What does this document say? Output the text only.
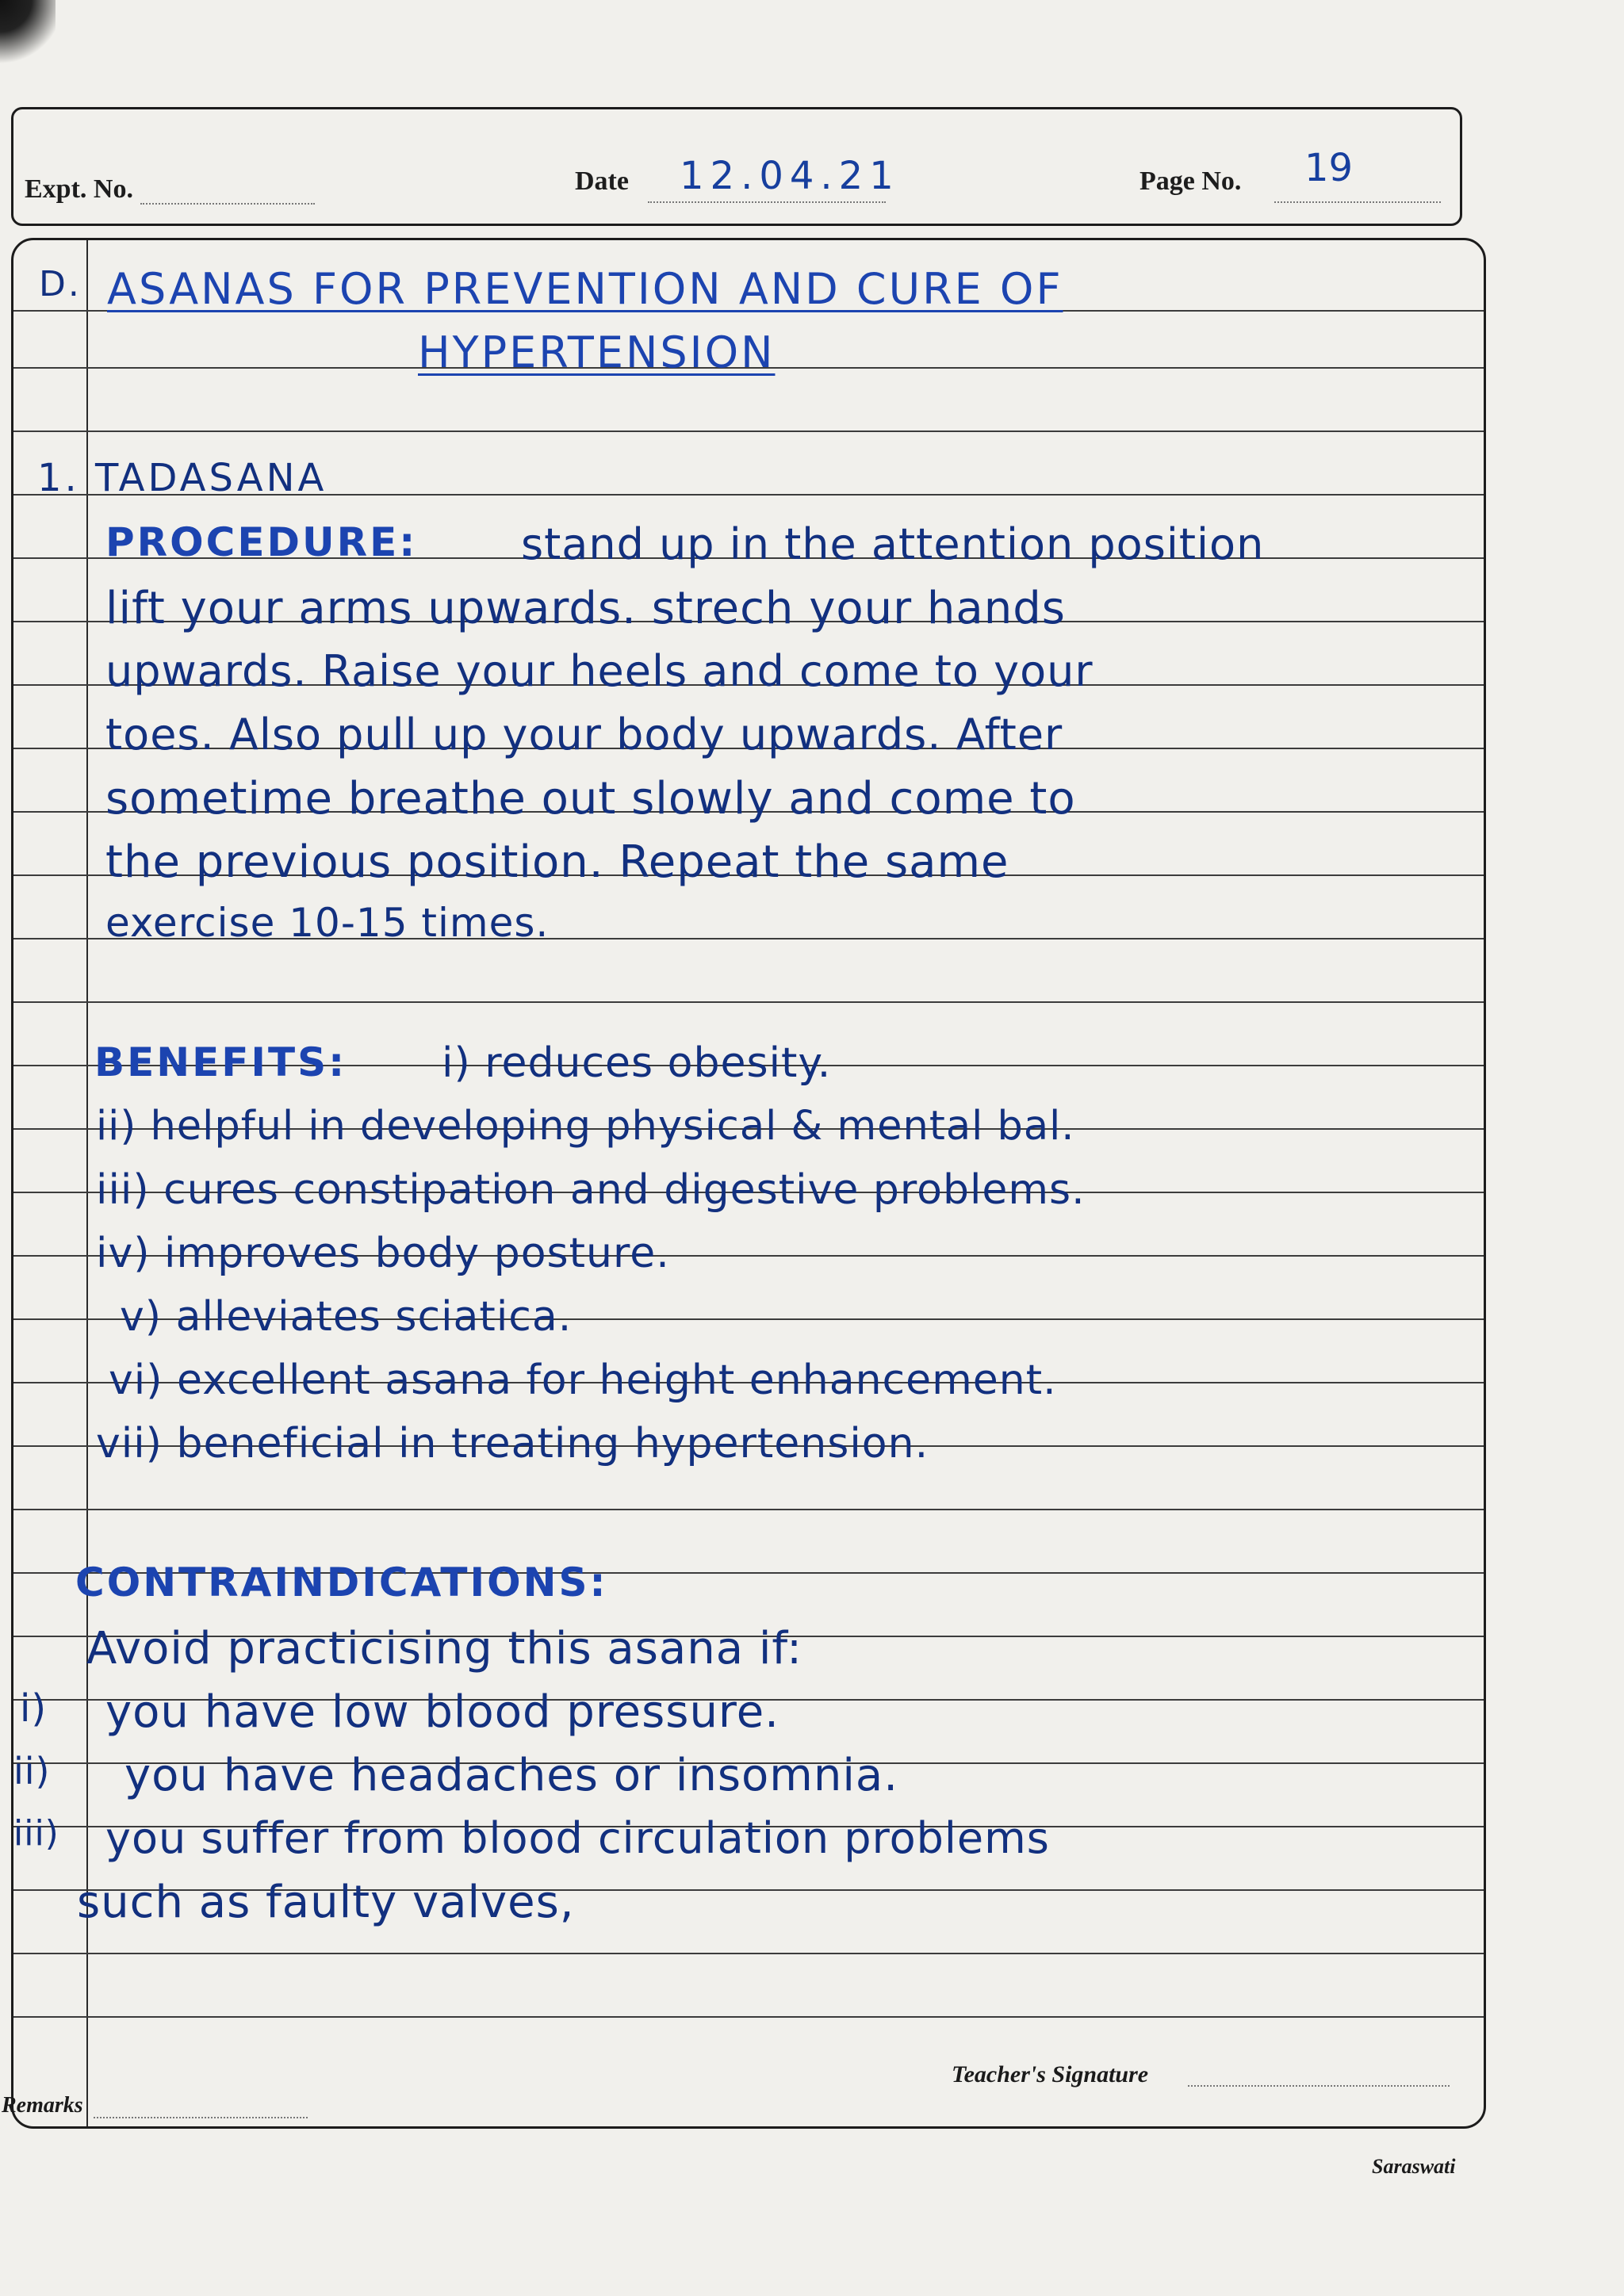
Expt. No.	Date 12.04.21	Page No. 19
D. ASANAS FOR PREVENTION AND CURE OF
HYPERTENSION
1. TADASANA
PROCEDURE: stand up in the attention position
lift your arms upwards. strech your hands
upwards. Raise your heels and come to your
toes. Also pull up your body upwards. After
sometime breathe out slowly and come to
the previous position. Repeat the same
exercise 10-15 times.
BENEFITS: i) reduces obesity.
ii) helpful in developing physical & mental bal.
iii) cures constipation and digestive problems.
iv) improves body posture.
v) alleviates sciatica.
vi) excellent asana for height enhancement.
vii) beneficial in treating hypertension.
CONTRAINDICATIONS:
Avoid practicising this asana if:
i) you have low blood pressure.
ii) you have headaches or insomnia.
iii) you suffer from blood circulation problems
such as faulty valves,
Teacher's Signature
Remarks
Saraswati
